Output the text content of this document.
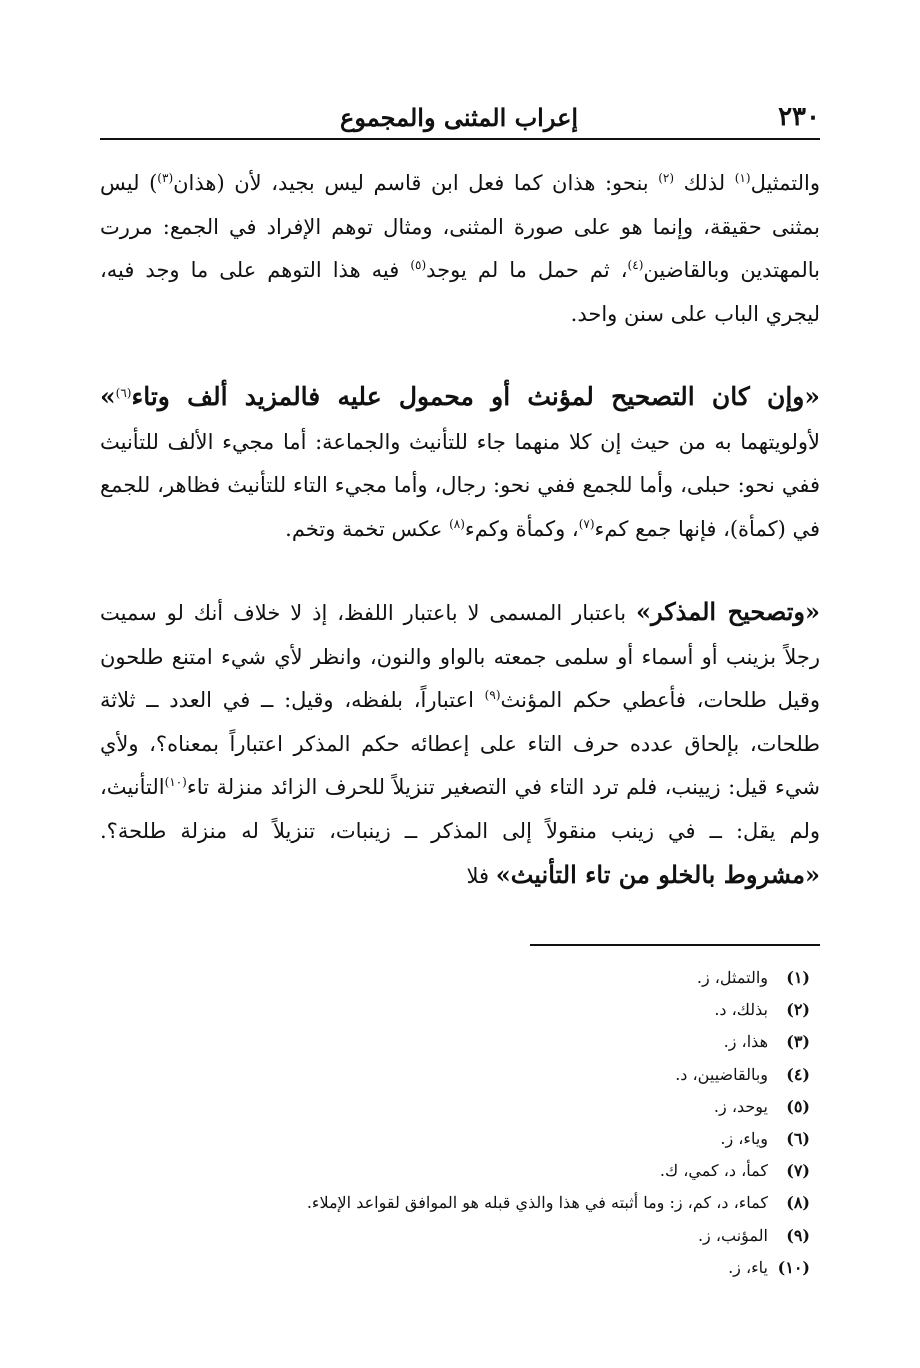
٢٣٠
إعراب المثنى والمجموع

والتمثيل$^{(١)}$ لذلك $^{(٢)}$ بنحو: هذان كما فعل ابن قاسم ليس بجيد، لأن (هذان$^{(٣)}$) ليس بمثنى حقيقة، وإنما هو على صورة المثنى، ومثال توهم الإفراد في الجمع: مررت بالمهتدين وبالقاضين$^{(٤)}$، ثم حمل ما لم يوجد$^{(٥)}$ فيه هذا التوهم على ما وجد فيه، ليجري الباب على سنن واحد.

«وإن كان التصحيح لمؤنث أو محمول عليه فالمزيد ألف وتاء$^{(٦)}$» لأولويتهما به من حيث إن كلا منهما جاء للتأنيث والجماعة: أما مجيء الألف للتأنيث ففي نحو: حبلى، وأما للجمع ففي نحو: رجال، وأما مجيء التاء للتأنيث فظاهر، للجمع في (كمأة)، فإنها جمع كمء$^{(٧)}$، وكمأة وكمء$^{(٨)}$ عكس تخمة وتخم.

«وتصحيح المذكر» باعتبار المسمى لا باعتبار اللفظ، إذ لا خلاف أنك لو سميت رجلاً بزينب أو أسماء أو سلمى جمعته بالواو والنون، وانظر لأي شيء امتنع طلحون وقيل طلحات، فأعطي حكم المؤنث$^{(٩)}$ اعتباراً، بلفظه، وقيل: ــ في العدد ــ ثلاثة طلحات، بإلحاق عدده حرف التاء على إعطائه حكم المذكر اعتباراً بمعناه؟، ولأي شيء قيل: زيينب، فلم ترد التاء في التصغير تنزيلاً للحرف الزائد منزلة تاء$^{(١٠)}$التأنيث، ولم يقل: ــ في زينب منقولاً إلى المذكر ــ زينبات، تنزيلاً له منزلة طلحة؟. «مشروط بالخلو من تاء التأنيث» فلا

(١)
والتمثل، ز.
(٢)
بذلك، د.
(٣)
هذا، ز.
(٤)
وبالقاضيين، د.
(٥)
يوحد، ز.
(٦)
وياء، ز.
(٧)
كمأ، د، كمي، ك.
(٨)
كماء، د، كم، ز: وما أثبته في هذا والذي قبله هو الموافق لقواعد الإملاء.
(٩)
المؤنب، ز.
(١٠)
ياء، ز.
